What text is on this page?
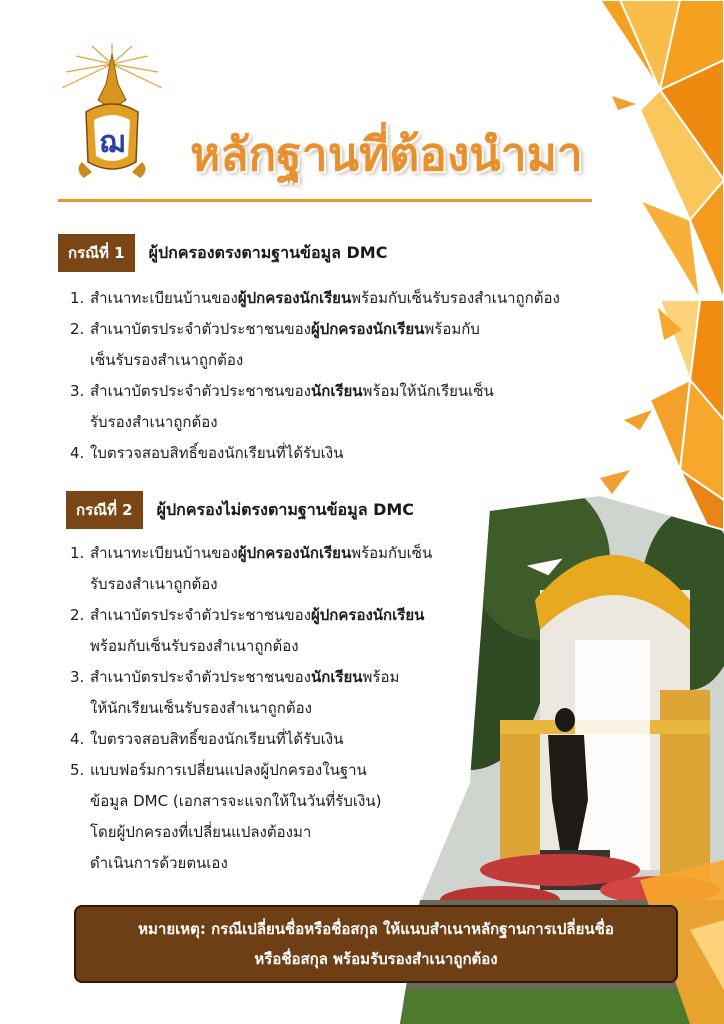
ฌ หลักฐานที่ต้องนำมา
กรณีที่ 1	ผู้ปกครองตรงตามฐานข้อมูล DMC
1. สำเนาทะเบียนบ้านของผู้ปกครองนักเรียนพร้อมกับเซ็นรับรองสำเนาถูกต้อง
2. สำเนาบัตรประจำตัวประชาชนของผู้ปกครองนักเรียนพร้อมกับ
เซ็นรับรองสำเนาถูกต้อง
3. สำเนาบัตรประจำตัวประชาชนของนักเรียนพร้อมให้นักเรียนเซ็น
รับรองสำเนาถูกต้อง
4. ใบตรวจสอบสิทธิ์ของนักเรียนที่ได้รับเงิน
กรณีที่ 2	ผู้ปกครองไม่ตรงตามฐานข้อมูล DMC
1. สำเนาทะเบียนบ้านของผู้ปกครองนักเรียนพร้อมกับเซ็น
รับรองสำเนาถูกต้อง
2. สำเนาบัตรประจำตัวประชาชนของผู้ปกครองนักเรียน
พร้อมกับเซ็นรับรองสำเนาถูกต้อง
3. สำเนาบัตรประจำตัวประชาชนของนักเรียนพร้อม
ให้นักเรียนเซ็นรับรองสำเนาถูกต้อง
4. ใบตรวจสอบสิทธิ์ของนักเรียนที่ได้รับเงิน
5. แบบฟอร์มการเปลี่ยนแปลงผู้ปกครองในฐาน
ข้อมูล DMC (เอกสารจะแจกให้ในวันที่รับเงิน)
โดยผู้ปกครองที่เปลี่ยนแปลงต้องมา
ดำเนินการด้วยตนเอง
หมายเหตุ: กรณีเปลี่ยนชื่อหรือชื่อสกุล ให้แนบสำเนาหลักฐานการเปลี่ยนชื่อ
หรือชื่อสกุล พร้อมรับรองสำเนาถูกต้อง
